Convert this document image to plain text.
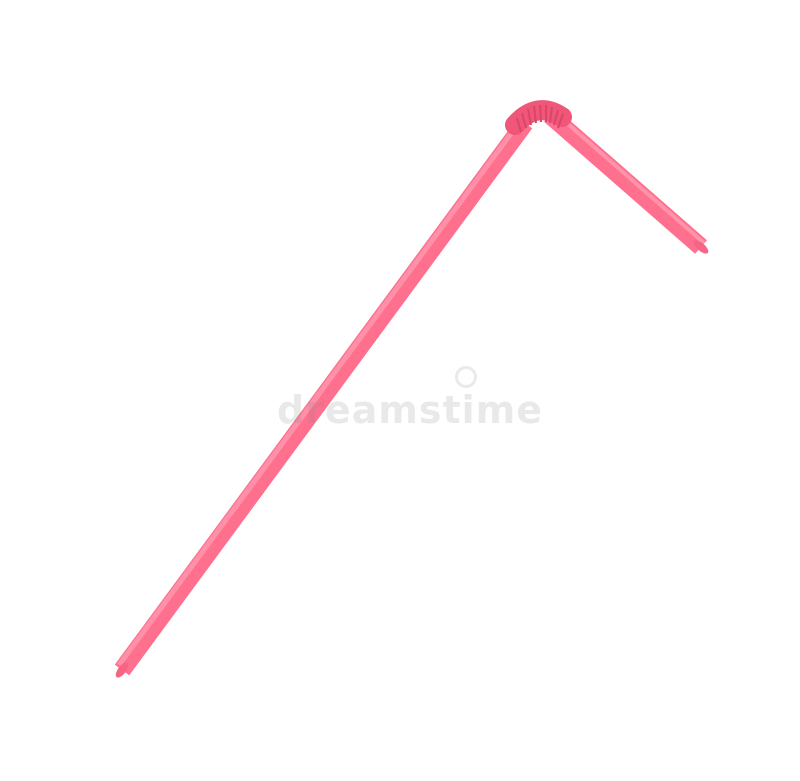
dreamstime
